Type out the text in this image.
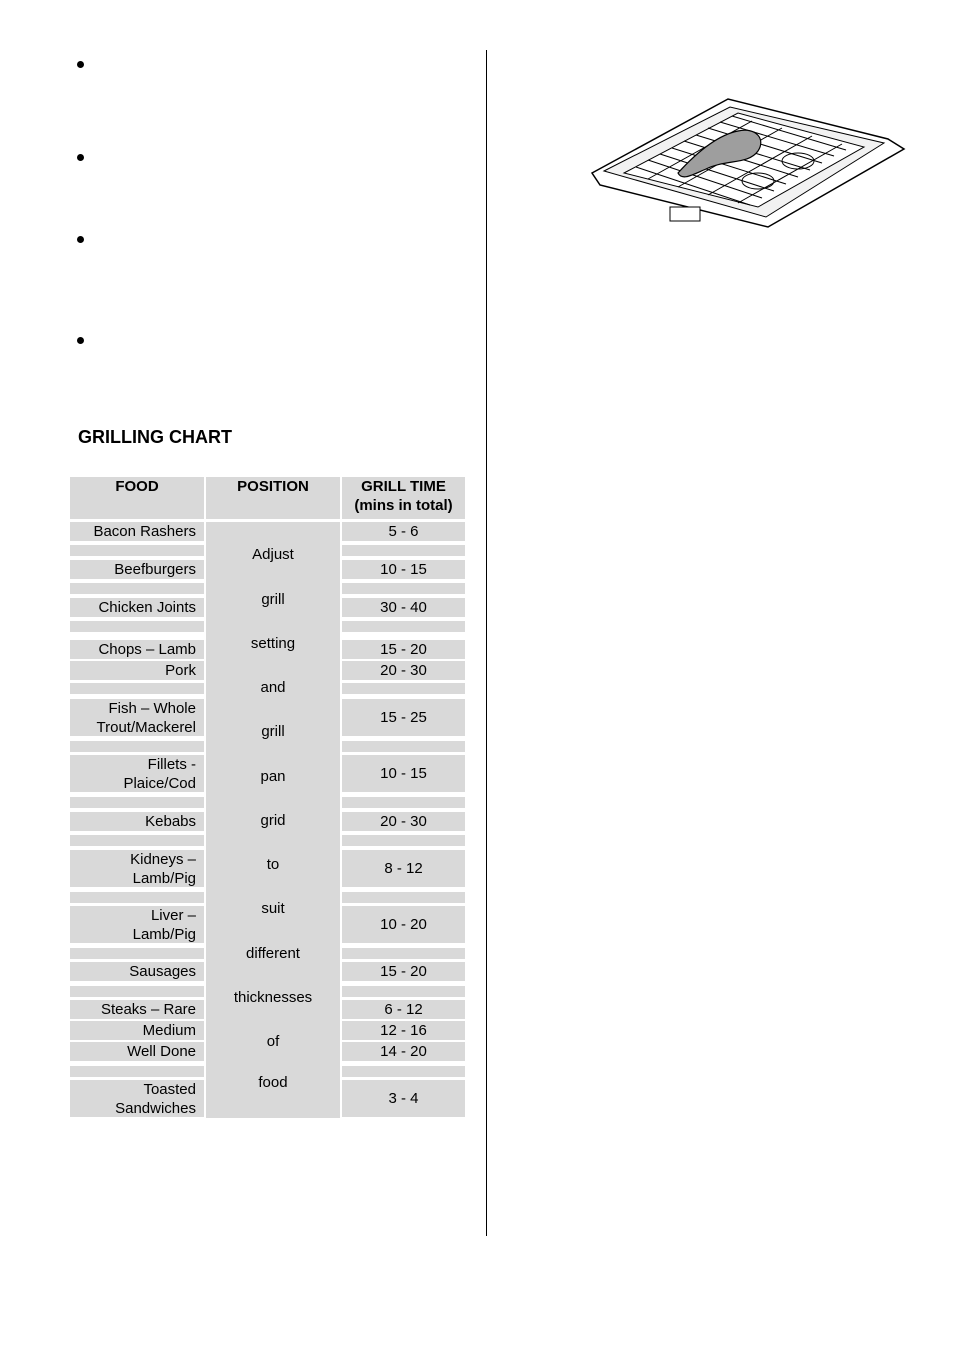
GRILLING CHART
FOOD	POSITION	GRILL TIME
(mins in total)
Adjust
grill
setting
and
grill
pan
grid
to
suit
different
thicknesses
of
food
Bacon Rashers
Beefburgers
Chicken Joints
Chops – Lamb
Pork
Fish – Whole
Trout/Mackerel
Fillets -
Plaice/Cod
Kebabs
Kidneys –
Lamb/Pig
Liver –
Lamb/Pig
Sausages
Steaks – Rare
Medium
Well Done
Toasted
Sandwiches
5 - 6
10 - 15
30 - 40
15 - 20
20 - 30
15 - 25
10 - 15
20 - 30
8 - 12
10 - 20
15 - 20
6 - 12
12 - 16
14 - 20
3 - 4
